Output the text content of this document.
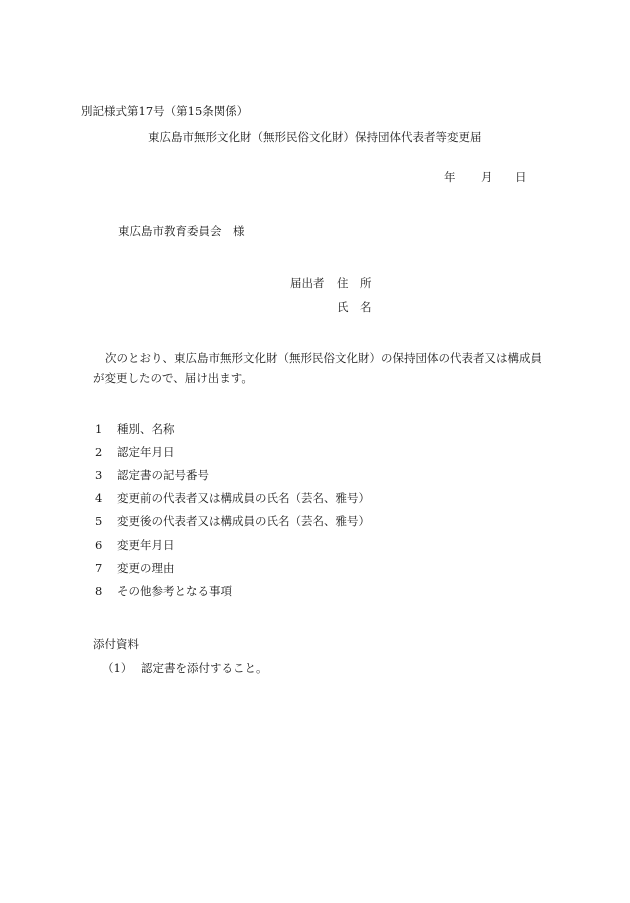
別記様式第17号（第15条関係）
東広島市無形文化財（無形民俗文化財）保持団体代表者等変更届
年 月 日
東広島市教育委員会　様
届出者 住　所
氏　名
次のとおり、東広島市無形文化財（無形民俗文化財）の保持団体の代表者又は構成員
が変更したので、届け出ます。
1 種別、名称
2 認定年月日
3 認定書の記号番号
4 変更前の代表者又は構成員の氏名（芸名、雅号）
5 変更後の代表者又は構成員の氏名（芸名、雅号）
6 変更年月日
7 変更の理由
8 その他参考となる事項
添付資料
（1） 認定書を添付すること。
